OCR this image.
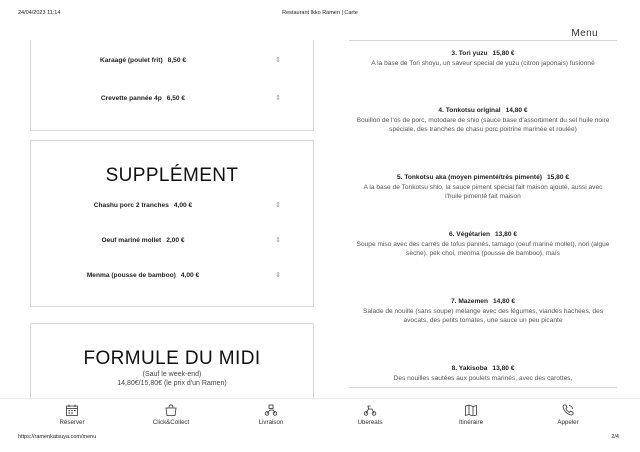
24/04/2023 11:14	Restaurant Ikko Ramen | Carte
Menu
Karaagé (poulet frit) 8,50 €	⇕
Crevette pannée 4p 6,50 €	⇕
SUPPLÉMENT
Chashu porc 2 tranches 4,00 €	⇕
Oeuf mariné mollet 2,00 €	⇕
Menma (pousse de bamboo) 4,00 €	⇕
FORMULE DU MIDI
(Sauf le week-end)
14,80€/15,80€ (le prix d'un Ramen)
3. Tori yuzu 15,80 €
A la base de Tori shoyu, un saveur special de yuzu (citron japonais) fusionné
4. Tonkotsu original 14,80 €
Bouillon de l'os de porc, motodare de shio (sauce base d'assortiment du sel huile noire spéciale, des tranches de chasu porc poitrine marinée et roulée)
5. Tonkotsu aka (moyen pimenté/très pimenté) 15,80 €
A la base de Tonkotsu shio, la sauce piment special fait maison ajouté, aussi avec l'huile pimenté fait maison
6. Végétarien 13,80 €
Soupe miso avec des carrés de tofus pannés, tamago (oeuf mariné mollet), nori (algue sèche), pek choi, menma (pousse de bamboo), maïs
7. Mazemen 14,80 €
Salade de nouille (sans soupe) mélange avec des légumes, viandes hachées, des avocats, des petits tomates, une sauce un peu picante
8. Yakisoba 13,80 €
Des nouilles sautées aux poulets marinés, avec des carottes,
Réserver	Click&Collect	Livraison	Ubereats	Itinéraire	Appeler
https://ramenkatsuya.com/menu	2/4
